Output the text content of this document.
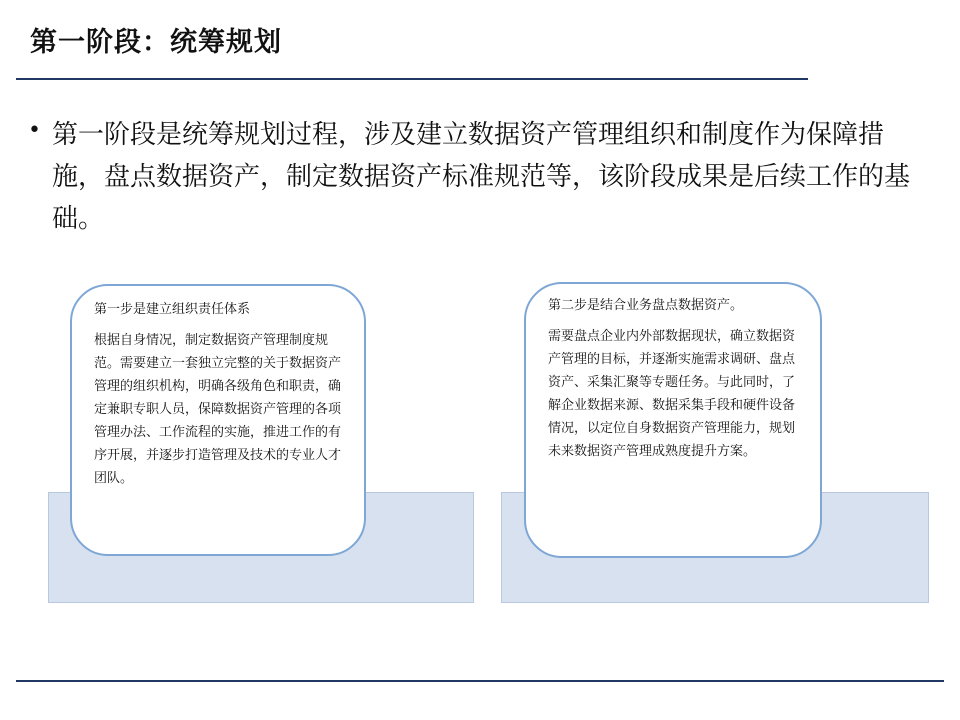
第一阶段：统筹规划
• 第一阶段是统筹规划过程，涉及建立数据资产管理组织和制度作为保障措施，盘点数据资产，制定数据资产标准规范等，该阶段成果是后续工作的基础。
第一步是建立组织责任体系
根据自身情况，制定数据资产管理制度规范。需要建立一套独立完整的关于数据资产管理的组织机构，明确各级角色和职责，确定兼职专职人员，保障数据资产管理的各项管理办法、工作流程的实施，推进工作的有序开展，并逐步打造管理及技术的专业人才团队。
第二步是结合业务盘点数据资产。
需要盘点企业内外部数据现状，确立数据资产管理的目标，并逐渐实施需求调研、盘点资产、采集汇聚等专题任务。与此同时，了解企业数据来源、数据采集手段和硬件设备情况，以定位自身数据资产管理能力，规划未来数据资产管理成熟度提升方案。
